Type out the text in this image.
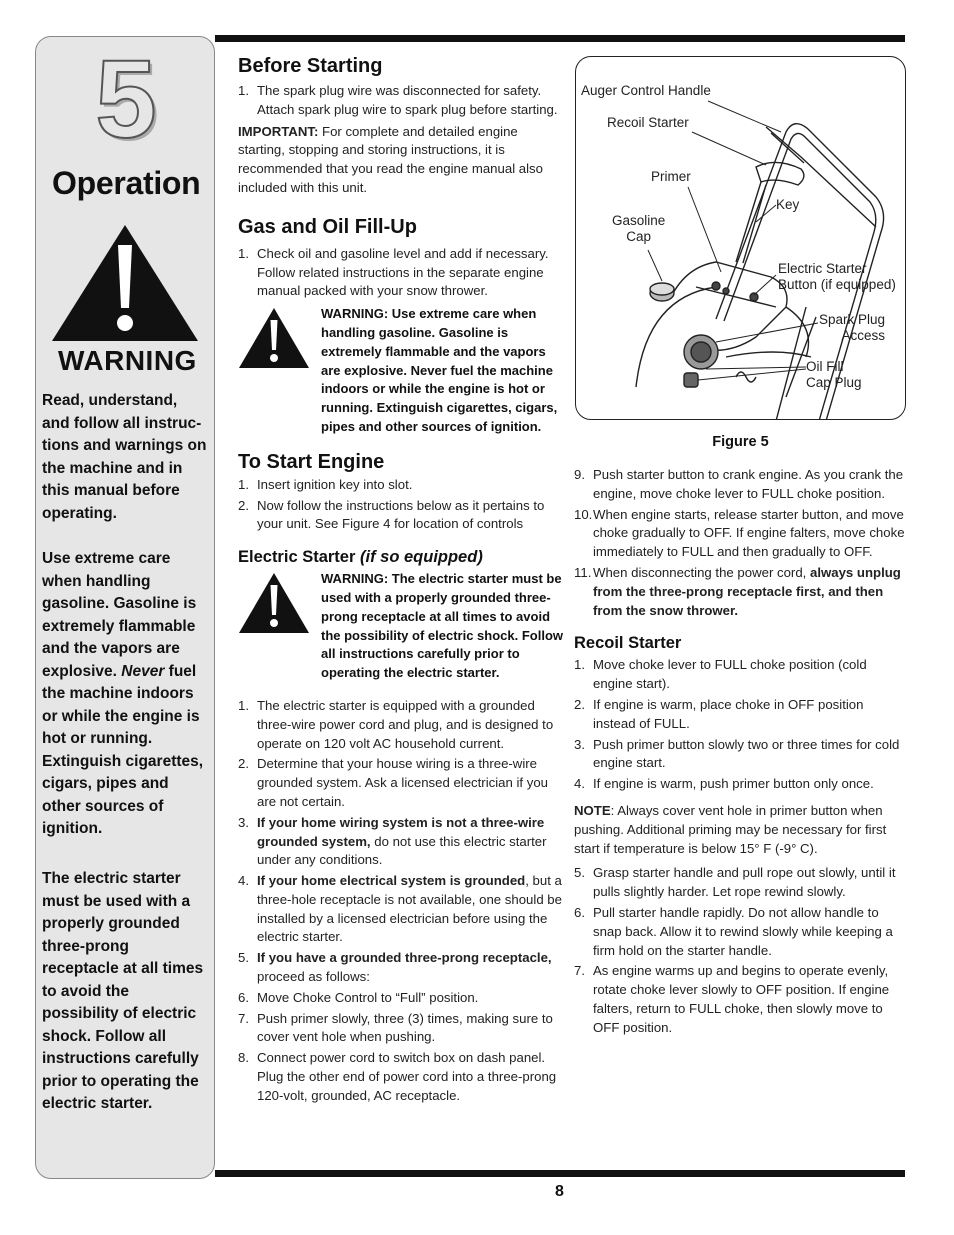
5
Operation
WARNING
Read, understand, and follow all instruc-tions and warnings on the machine and in this manual before operating.
Use extreme care when handling gasoline. Gasoline is extremely flammable and the vapors are explosive. Never fuel the machine indoors or while the engine is hot or running. Extinguish cigarettes, cigars, pipes and other sources of ignition.
The electric starter must be used with a properly grounded three-prong receptacle at all times to avoid the possibility of electric shock. Follow all instructions carefully prior to operating the electric starter.
Before Starting
1. The spark plug wire was disconnected for safety. Attach spark plug wire to spark plug before starting.

IMPORTANT: For complete and detailed engine starting, stopping and storing instructions, it is recommended that you read the engine manual also included with this unit.

Gas and Oil Fill-Up
1. Check oil and gasoline level and add if necessary. Follow related instructions in the separate engine manual packed with your snow thrower.

WARNING: Use extreme care when handling gasoline. Gasoline is extremely flammable and the vapors are explosive. Never fuel the machine indoors or while the engine is hot or running. Extinguish cigarettes, cigars, pipes and other sources of ignition.

To Start Engine
1. Insert ignition key into slot.
2. Now follow the instructions below as it pertains to your unit. See Figure 4 for location of controls
Electric Starter (if so equipped)

WARNING: The electric starter must be used with a properly grounded three-prong receptacle at all times to avoid the possibility of electric shock. Follow all instructions carefully prior to operating the electric starter.

1. The electric starter is equipped with a grounded three-wire power cord and plug, and is designed to operate on 120 volt AC household current.
2. Determine that your house wiring is a three-wire grounded system. Ask a licensed electrician if you are not certain.
3. If your home wiring system is not a three-wire grounded system, do not use this electric starter under any conditions.
4. If your home electrical system is grounded, but a three-hole receptacle is not available, one should be installed by a licensed electrician before using the electric starter.
5. If you have a grounded three-prong receptacle, proceed as follows:
6. Move Choke Control to “Full” position.
7. Push primer slowly, three (3) times, making sure to cover vent hole when pushing.
8. Connect power cord to switch box on dash panel. Plug the other end of power cord into a three-prong 120-volt, grounded, AC receptacle.
Auger Control Handle
Recoil Starter
Primer
Key
Gasoline
Cap
Electric Starter
Button (if equipped)
Spark Plug
Access
Oil Fill
Cap Plug
Figure 5
9. Push starter button to crank engine. As you crank the engine, move choke lever to FULL choke position.
10. When engine starts, release starter button, and move choke gradually to OFF. If engine falters, move choke immediately to FULL and then gradually to OFF.
11. When disconnecting the power cord, always unplug from the three-prong receptacle first, and then from the snow thrower.
Recoil Starter
1. Move choke lever to FULL choke position (cold engine start).
2. If engine is warm, place choke in OFF position instead of FULL.
3. Push primer button slowly two or three times for cold engine start.
4. If engine is warm, push primer button only once.

NOTE: Always cover vent hole in primer button when pushing. Additional priming may be necessary for first start if temperature is below 15° F (-9° C).

5. Grasp starter handle and pull rope out slowly, until it pulls slightly harder. Let rope rewind slowly.
6. Pull starter handle rapidly. Do not allow handle to snap back. Allow it to rewind slowly while keeping a firm hold on the starter handle.
7. As engine warms up and begins to operate evenly, rotate choke lever slowly to OFF position. If engine falters, return to FULL choke, then slowly move to OFF position.
8
